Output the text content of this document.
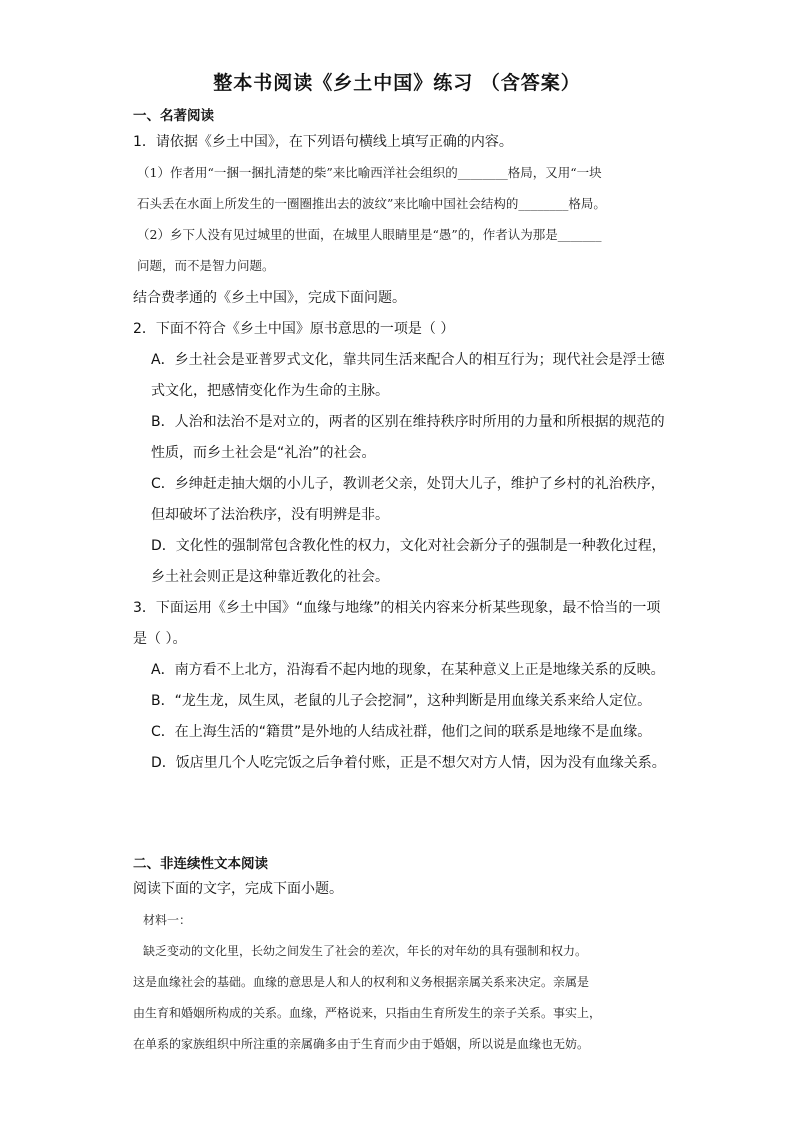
整本书阅读《乡土中国》练习 （含答案）
一、名著阅读
1．请依据《乡土中国》，在下列语句横线上填写正确的内容。
（1）作者用“一捆一捆扎清楚的柴”来比喻西洋社会组织的________格局，又用“一块
石头丢在水面上所发生的一圈圈推出去的波纹”来比喻中国社会结构的________格局。
（2）乡下人没有见过城里的世面，在城里人眼睛里是“愚”的，作者认为那是_______
问题，而不是智力问题。
结合费孝通的《乡土中国》，完成下面问题。
2．下面不符合《乡土中国》原书意思的一项是（ ）
A．乡土社会是亚普罗式文化，靠共同生活来配合人的相互行为；现代社会是浮士德
式文化，把感情变化作为生命的主脉。
B．人治和法治不是对立的，两者的区别在维持秩序时所用的力量和所根据的规范的
性质，而乡土社会是“礼治”的社会。
C．乡绅赶走抽大烟的小儿子，教训老父亲，处罚大儿子，维护了乡村的礼治秩序，
但却破坏了法治秩序，没有明辨是非。
D．文化性的强制常包含教化性的权力，文化对社会新分子的强制是一种教化过程，
乡土社会则正是这种靠近教化的社会。
3．下面运用《乡土中国》“血缘与地缘”的相关内容来分析某些现象，最不恰当的一项
是（ ）。
A．南方看不上北方，沿海看不起内地的现象，在某种意义上正是地缘关系的反映。
B．“龙生龙，凤生凤，老鼠的儿子会挖洞”，这种判断是用血缘关系来给人定位。
C．在上海生活的“籍贯”是外地的人结成社群，他们之间的联系是地缘不是血缘。
D．饭店里几个人吃完饭之后争着付账，正是不想欠对方人情，因为没有血缘关系。
二、非连续性文本阅读
阅读下面的文字，完成下面小题。
材料一：
缺乏变动的文化里，长幼之间发生了社会的差次，年长的对年幼的具有强制和权力。
这是血缘社会的基础。血缘的意思是人和人的权利和义务根据亲属关系来决定。亲属是
由生育和婚姻所构成的关系。血缘，严格说来，只指由生育所发生的亲子关系。事实上，
在单系的家族组织中所注重的亲属确多由于生育而少由于婚姻，所以说是血缘也无妨。
